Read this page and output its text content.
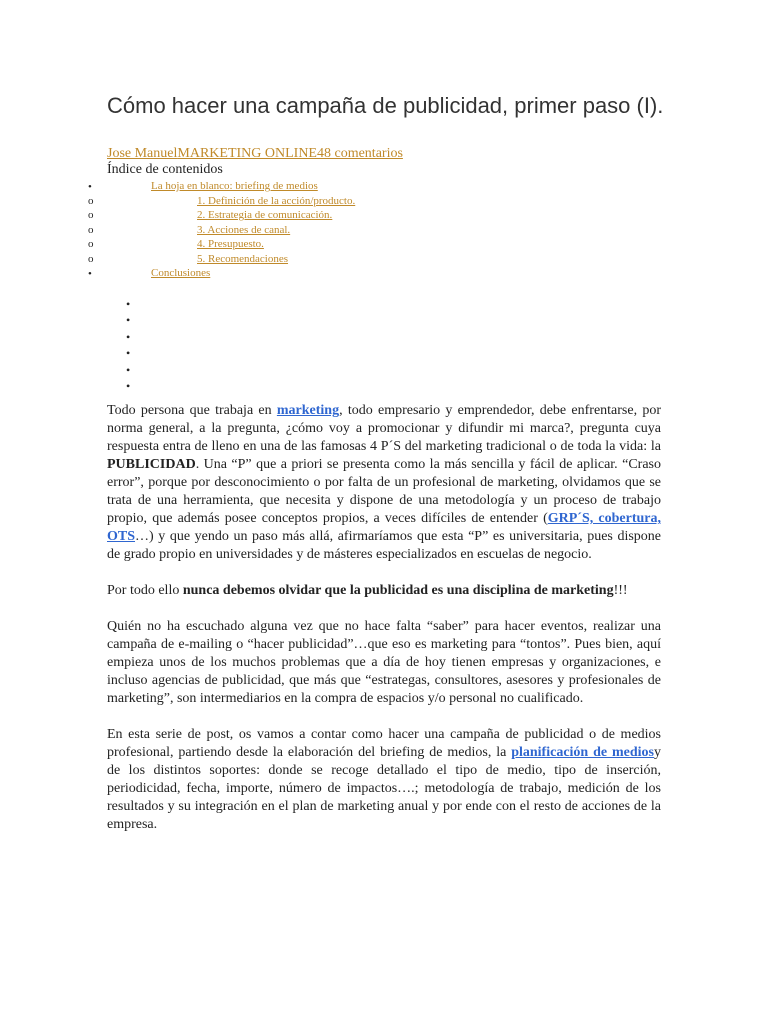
Cómo hacer una campaña de publicidad, primer paso (I).
Jose ManuelMARKETING ONLINE48 comentarios
Índice de contenidos
•	La hoja en blanco: briefing de medios
o	1. Definición de la acción/producto.
o	2. Estrategia de comunicación.
o	3. Acciones de canal.
o	4. Presupuesto.
o	5. Recomendaciones
•	Conclusiones
•
•
•
•
•
•

Todo persona que trabaja en marketing, todo empresario y emprendedor, debe enfrentarse, por norma general, a la pregunta, ¿cómo voy a promocionar y difundir mi marca?, pregunta cuya respuesta entra de lleno en una de las famosas 4 P´S del marketing tradicional o de toda la vida: la PUBLICIDAD. Una “P” que a priori se presenta como la más sencilla y fácil de aplicar. “Craso error”, porque por desconocimiento o por falta de un profesional de marketing, olvidamos que se trata de una herramienta, que necesita y dispone de una metodología y un proceso de trabajo propio, que además posee conceptos propios, a veces difíciles de entender (GRP´S, cobertura, OTS…) y que yendo un paso más allá, afirmaríamos que esta “P” es universitaria, pues dispone de grado propio en universidades y de másteres especializados en escuelas de negocio.

Por todo ello nunca debemos olvidar que la publicidad es una disciplina de marketing!!!

Quién no ha escuchado alguna vez que no hace falta “saber” para hacer eventos, realizar una campaña de e-mailing o “hacer publicidad”…que eso es marketing para “tontos”. Pues bien, aquí empieza unos de los muchos problemas que a día de hoy tienen empresas y organizaciones, e incluso agencias de publicidad, que más que “estrategas, consultores, asesores y profesionales de marketing”, son intermediarios en la compra de espacios y/o personal no cualificado.

En esta serie de post, os vamos a contar como hacer una campaña de publicidad o de medios profesional, partiendo desde la elaboración del briefing de medios, la planificación de mediosy de los distintos soportes: donde se recoge detallado el tipo de medio, tipo de inserción, periodicidad, fecha, importe, número de impactos….; metodología de trabajo, medición de los resultados y su integración en el plan de marketing anual y por ende con el resto de acciones de la empresa.
